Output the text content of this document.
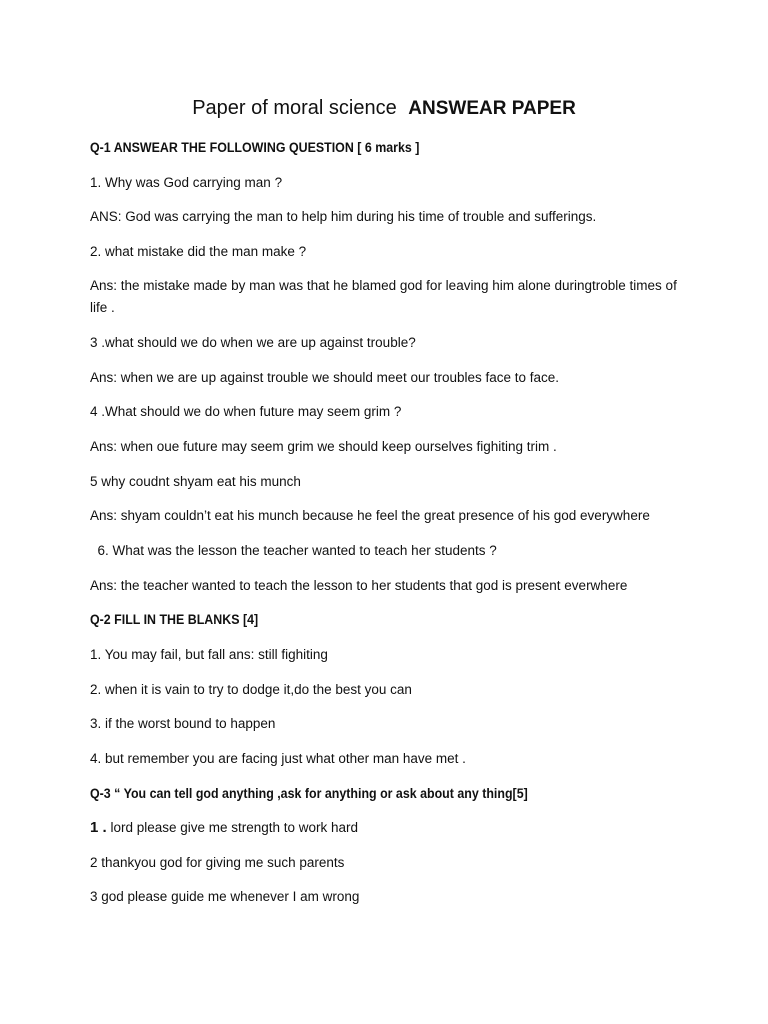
Paper of moral science ANSWEAR PAPER
Q-1 ANSWEAR THE FOLLOWING QUESTION [ 6 marks ]
1. Why was God carrying man ?
ANS: God was carrying the man to help him during his time of trouble and sufferings.
2. what mistake did the man make ?
Ans: the mistake made by man was that he blamed god for leaving him alone duringtroble times of life .
3 .what should we do when we are up against trouble?
Ans: when we are up against trouble we should meet our troubles face to face.
4 .What should we do when future may seem grim ?
Ans: when oue future may seem grim we should keep ourselves fighiting trim .
5 why coudnt shyam eat his munch
Ans: shyam couldn’t eat his munch because he feel the great presence of his god everywhere
6. What was the lesson the teacher wanted to teach her students ?
Ans: the teacher wanted to teach the lesson to her students that god is present everwhere
Q-2 FILL IN THE BLANKS [4]
1. You may fail, but fall ans: still fighiting
2. when it is vain to try to dodge it,do the best you can
3. if the worst bound to happen
4. but remember you are facing just what other man have met .
Q-3 “ You can tell god anything ,ask for anything or ask about any thing[5]
1 . lord please give me strength to work hard
2 thankyou god for giving me such parents
3 god please guide me whenever I am wrong
